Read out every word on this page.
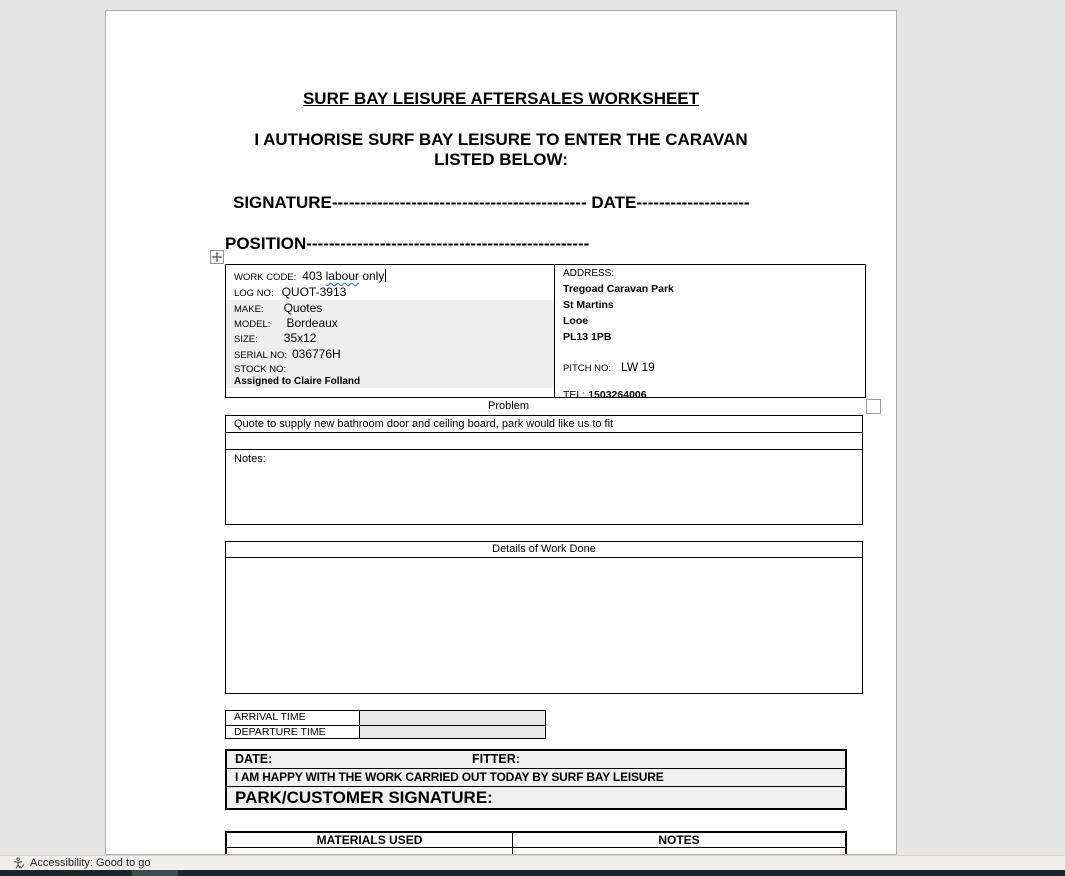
SURF BAY LEISURE AFTERSALES WORKSHEET
I AUTHORISE SURF BAY LEISURE TO ENTER THE CARAVAN
LISTED BELOW:
SIGNATURE--------------------------------------------- DATE--------------------
POSITION--------------------------------------------------
WORK CODE: 403 labour only
LOG NO: QUOT-3913
MAKE: Quotes
MODEL: Bordeaux
SIZE: 35x12
SERIAL NO: 036776H
STOCK NO:
Assigned to Claire Folland
ADDRESS:
Tregoad Caravan Park
St Martins
Looe
PL13 1PB
PITCH NO: LW 19
TEL: 1503264006
Problem
Quote to supply new bathroom door and ceiling board, park would like us to fit
Notes:
Details of Work Done
ARRIVAL TIME
DEPARTURE TIME
DATE:	FITTER:
I AM HAPPY WITH THE WORK CARRIED OUT TODAY BY SURF BAY LEISURE
PARK/CUSTOMER SIGNATURE:
MATERIALS USED	NOTES
Accessibility: Good to go
